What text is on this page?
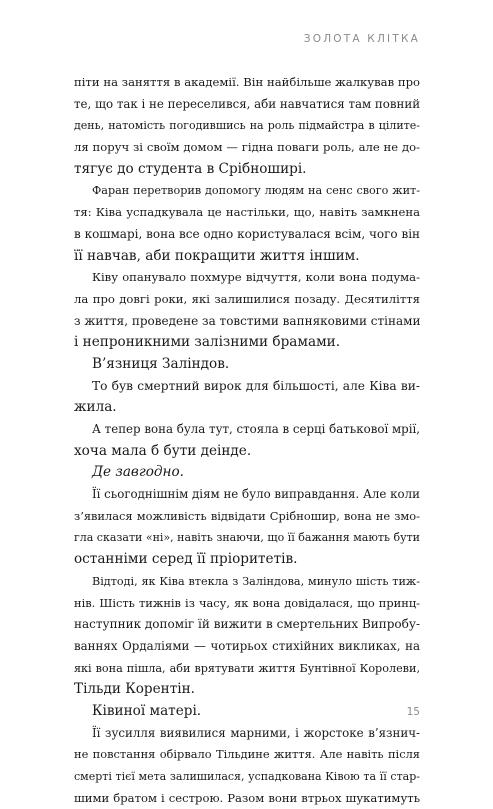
ЗОЛОТА КЛІТКА
піти на заняття в академії. Він найбільше жалкував про
те, що так і не переселився, аби навчатися там повний
день, натомість погодившись на роль підмайстра в цілите-
ля поруч зі своїм домом — гідна поваги роль, але не до-
тягує до студента в Срібноширі.
Фаран перетворив допомогу людям на сенс свого жит-
тя: Ківа успадкувала це настільки, що, навіть замкнена
в кошмарі, вона все одно користувалася всім, чого він
її навчав, аби покращити життя іншим.
Ківу опанувало похмуре відчуття, коли вона подума-
ла про довгі роки, які залишилися позаду. Десятиліття
з життя, проведене за товстими вапняковими стінами
і непроникними залізними брамами.
В’язниця Заліндов.
То був смертний вирок для більшості, але Ківа ви-
жила.
А тепер вона була тут, стояла в серці батькової мрії,
хоча мала б бути деінде.
Де завгодно.
Її сьогоднішнім діям не було виправдання. Але коли
з’явилася можливість відвідати Срібношир, вона не змо-
гла сказати «ні», навіть знаючи, що її бажання мають бути
останніми серед її пріоритетів.
Відтоді, як Ківа втекла з Заліндова, минуло шість тиж-
нів. Шість тижнів із часу, як вона довідалася, що принц-
наступник допоміг їй вижити в смертельних Випробу-
ваннях Ордаліями — чотирьох стихійних викликах, на
які вона пішла, аби врятувати життя Бунтівної Королеви,
Тільди Корентін.
Ківиної матері.
Її зусилля виявилися марними, і жорстоке в’язнич-
не повстання обірвало Тільдине життя. Але навіть після
смерті тієї мета залишилася, успадкована Ківою та її стар-
шими братом і сестрою. Разом вони втрьох шукатимуть
15
